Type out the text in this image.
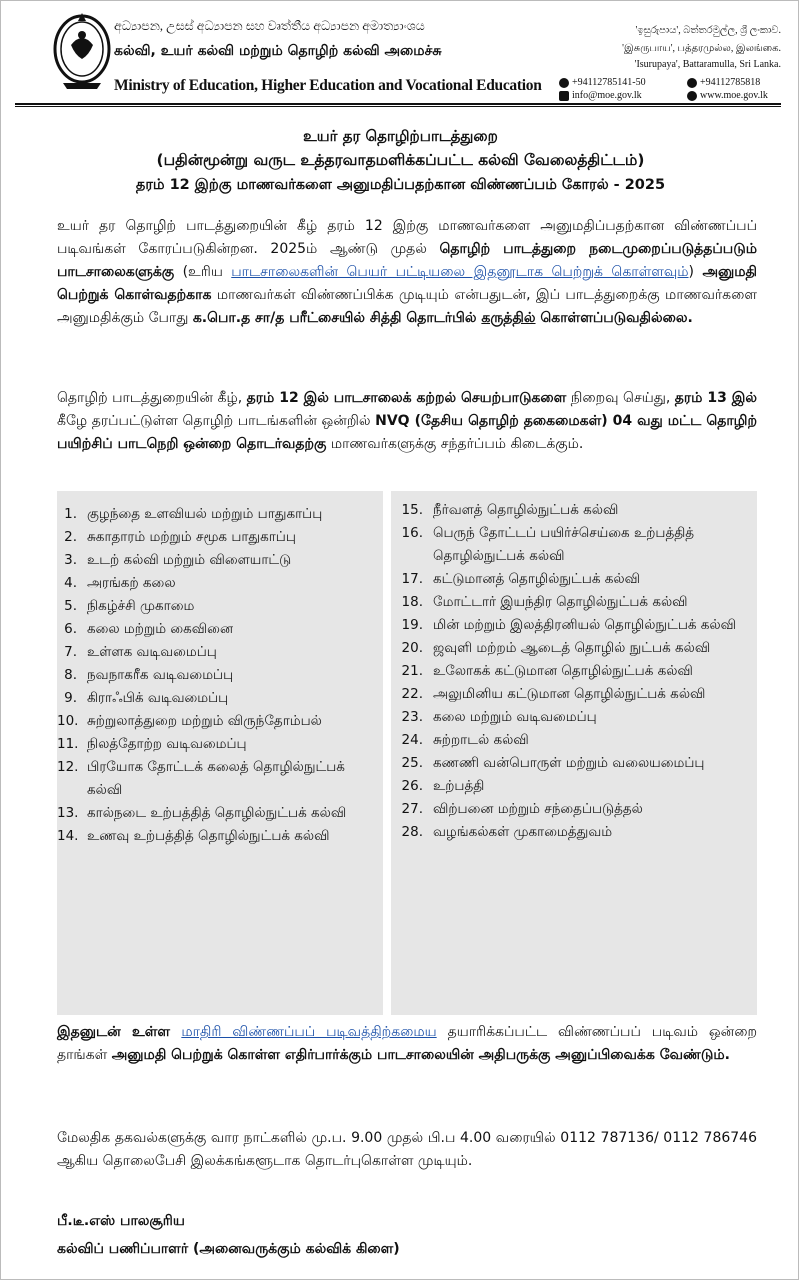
අධ්‍යාපන, උසස් අධ්‍යාපන සහ වෘත්තීය අධ්‍යාපන අමාත්‍යාංශය
கல்வி, உயர் கல்வி மற்றும் தொழிற் கல்வி அமைச்சு
Ministry of Education, Higher Education and Vocational Education
'ඉසුරුපාය', බත්තරමුල්ල, ශ්‍රී ලංකාව.
'இசுருபாய', பத்தரமுல்ல, இலங்கை.
'Isurupaya', Battaramulla, Sri Lanka.
+94112785141-50	+94112785818
info@moe.gov.lk	www.moe.gov.lk
உயர் தர தொழிற்பாடத்துறை
(பதின்மூன்று வருட உத்தரவாதமளிக்கப்பட்ட கல்வி வேலைத்திட்டம்)
தரம் 12 இற்கு மாணவர்களை அனுமதிப்பதற்கான விண்ணப்பம் கோரல் - 2025
உயர் தர தொழிற் பாடத்துறையின் கீழ் தரம் 12 இற்கு மாணவர்களை அனுமதிப்பதற்கான விண்ணப்பப் படிவங்கள் கோரப்படுகின்றன. 2025ம் ஆண்டு முதல் தொழிற் பாடத்துறை நடைமுறைப்படுத்தப்படும் பாடசாலைகளுக்கு (உரிய பாடசாலைகளின் பெயர் பட்டியலை இதனூடாக பெற்றுக் கொள்ளவும்) அனுமதி பெற்றுக் கொள்வதற்காக மாணவர்கள் விண்ணப்பிக்க முடியும் என்பதுடன், இப் பாடத்துறைக்கு மாணவர்களை அனுமதிக்கும் போது க.பொ.த சா/த பரீட்சையில் சித்தி தொடர்பில் கருத்தில் கொள்ளப்படுவதில்லை.
தொழிற் பாடத்துறையின் கீழ், தரம் 12 இல் பாடசாலைக் கற்றல் செயற்பாடுகளை நிறைவு செய்து, தரம் 13 இல் கீழே தரப்பட்டுள்ள தொழிற் பாடங்களின் ஒன்றில் NVQ (தேசிய தொழிற் தகைமைகள்) 04 வது மட்ட தொழிற் பயிற்சிப் பாடநெறி ஒன்றை தொடர்வதற்கு மாணவர்களுக்கு சந்தர்ப்பம் கிடைக்கும்.
1. குழந்தை உளவியல் மற்றும் பாதுகாப்பு
2. சுகாதாரம் மற்றும் சமூக பாதுகாப்பு
3. உடற் கல்வி மற்றும் விளையாட்டு
4. அரங்கற் கலை
5. நிகழ்ச்சி முகாமை
6. கலை மற்றும் கைவினை
7. உள்ளக வடிவமைப்பு
8. நவநாகரீக வடிவமைப்பு
9. கிராஃபிக் வடிவமைப்பு
10. சுற்றுலாத்துறை மற்றும் விருந்தோம்பல்
11. நிலத்தோற்ற வடிவமைப்பு
12. பிரயோக தோட்டக் கலைத் தொழில்நுட்பக் கல்வி
13. கால்நடை உற்பத்தித் தொழில்நுட்பக் கல்வி
14. உணவு உற்பத்தித் தொழில்நுட்பக் கல்வி
15. நீர்வளத் தொழில்நுட்பக் கல்வி
16. பெருந் தோட்டப் பயிர்ச்செய்கை உற்பத்தித் தொழில்நுட்பக் கல்வி
17. கட்டுமானத் தொழில்நுட்பக் கல்வி
18. மோட்டார் இயந்திர தொழில்நுட்பக் கல்வி
19. மின் மற்றும் இலத்திரனியல் தொழில்நுட்பக் கல்வி
20. ஜவுளி மற்றம் ஆடைத் தொழில் நுட்பக் கல்வி
21. உலோகக் கட்டுமான தொழில்நுட்பக் கல்வி
22. அலுமினிய கட்டுமான தொழில்நுட்பக் கல்வி
23. கலை மற்றும் வடிவமைப்பு
24. சுற்றாடல் கல்வி
25. கணணி வன்பொருள் மற்றும் வலையமைப்பு
26. உற்பத்தி
27. விற்பனை மற்றும் சந்தைப்படுத்தல்
28. வழங்கல்கள் முகாமைத்துவம்
இதனுடன் உள்ள மாதிரி விண்ணப்பப் படிவத்திற்கமைய தயாரிக்கப்பட்ட விண்ணப்பப் படிவம் ஒன்றை தாங்கள் அனுமதி பெற்றுக் கொள்ள எதிர்பார்க்கும் பாடசாலையின் அதிபருக்கு அனுப்பிவைக்க வேண்டும்.
மேலதிக தகவல்களுக்கு வார நாட்களில் மு.ப. 9.00 முதல் பி.ப 4.00 வரையில் 0112 787136/ 0112 786746 ஆகிய தொலைபேசி இலக்கங்களூடாக தொடர்புகொள்ள முடியும்.
பீ.டீ.எஸ் பாலசூரிய
கல்விப் பணிப்பாளர் (அனைவருக்கும் கல்விக் கிளை)
